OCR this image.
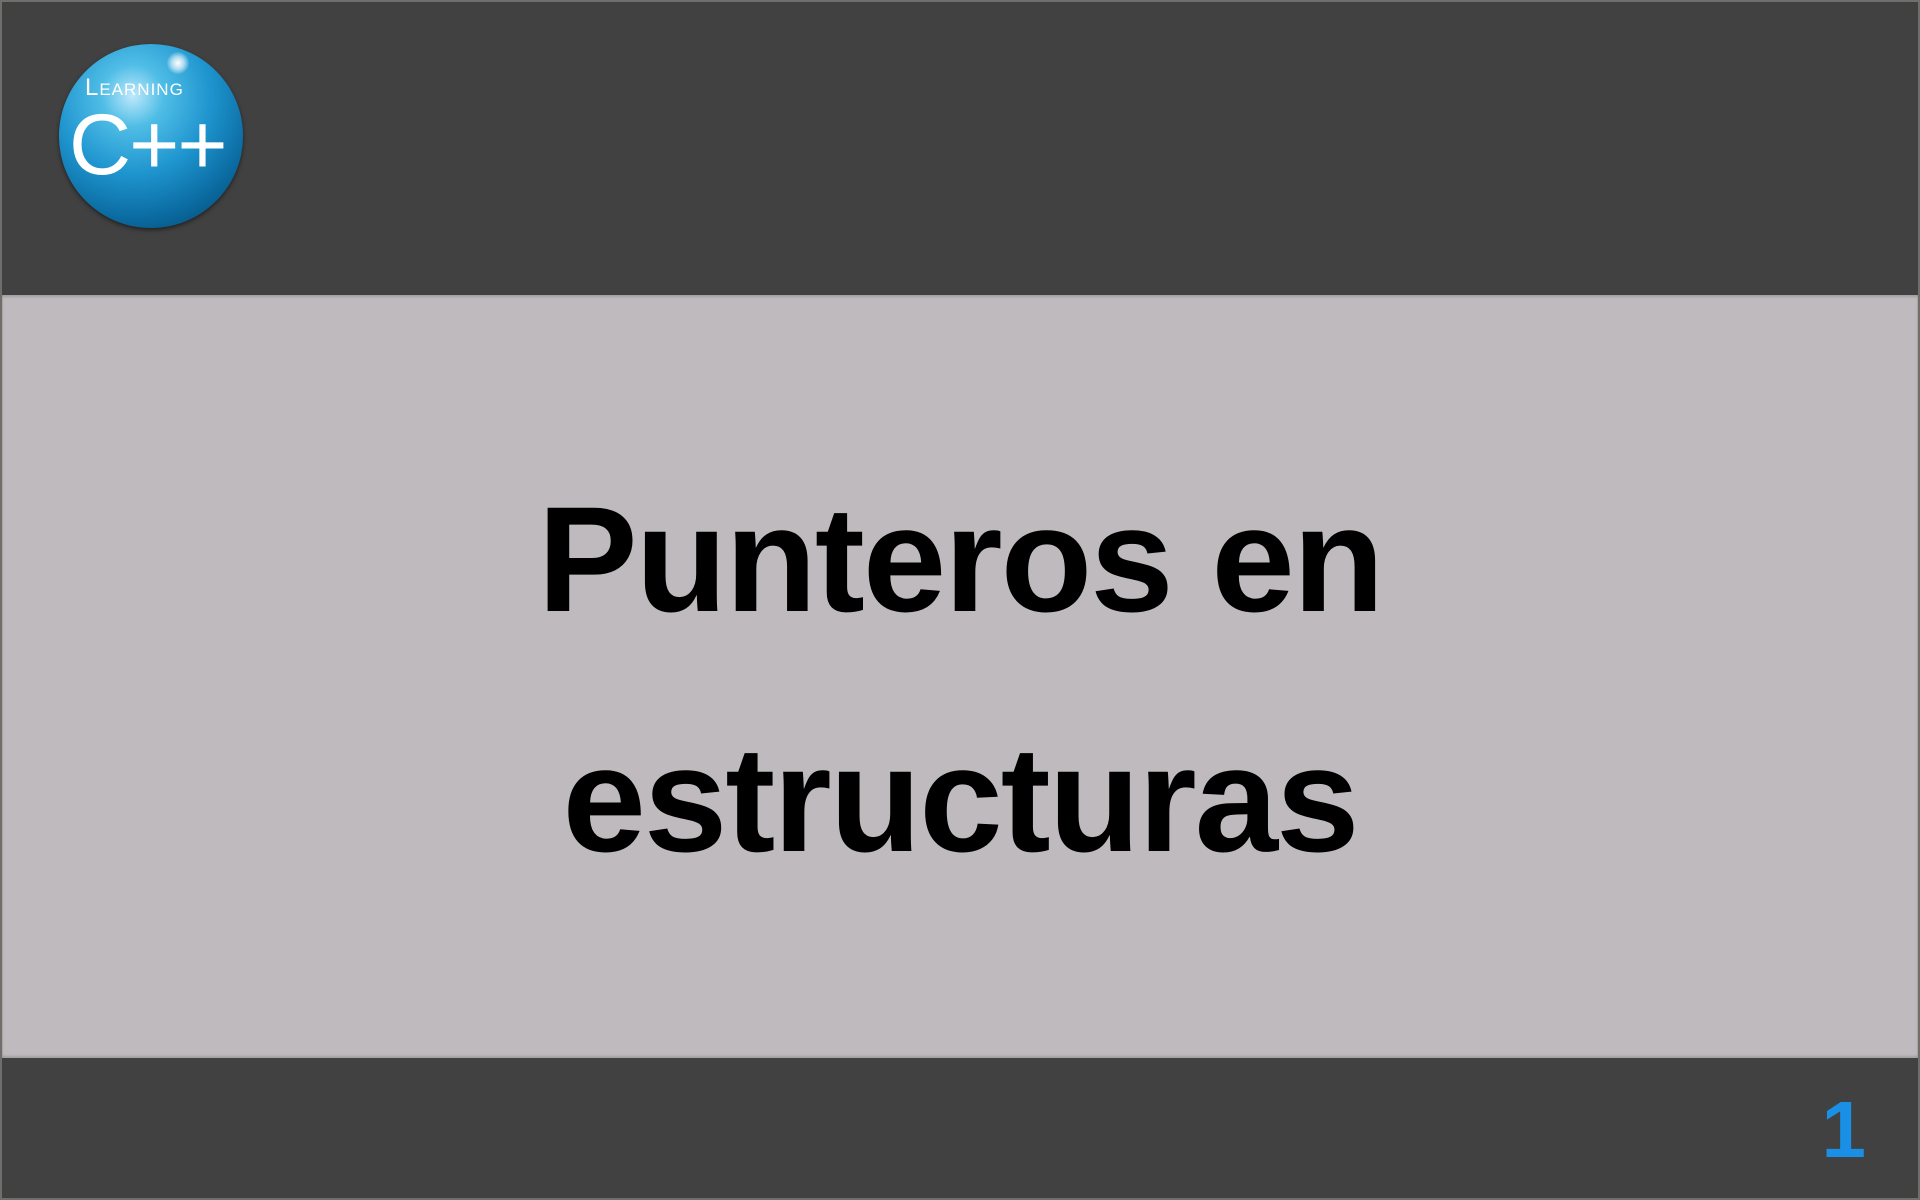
Learning
C++
Punteros en estructuras
1
